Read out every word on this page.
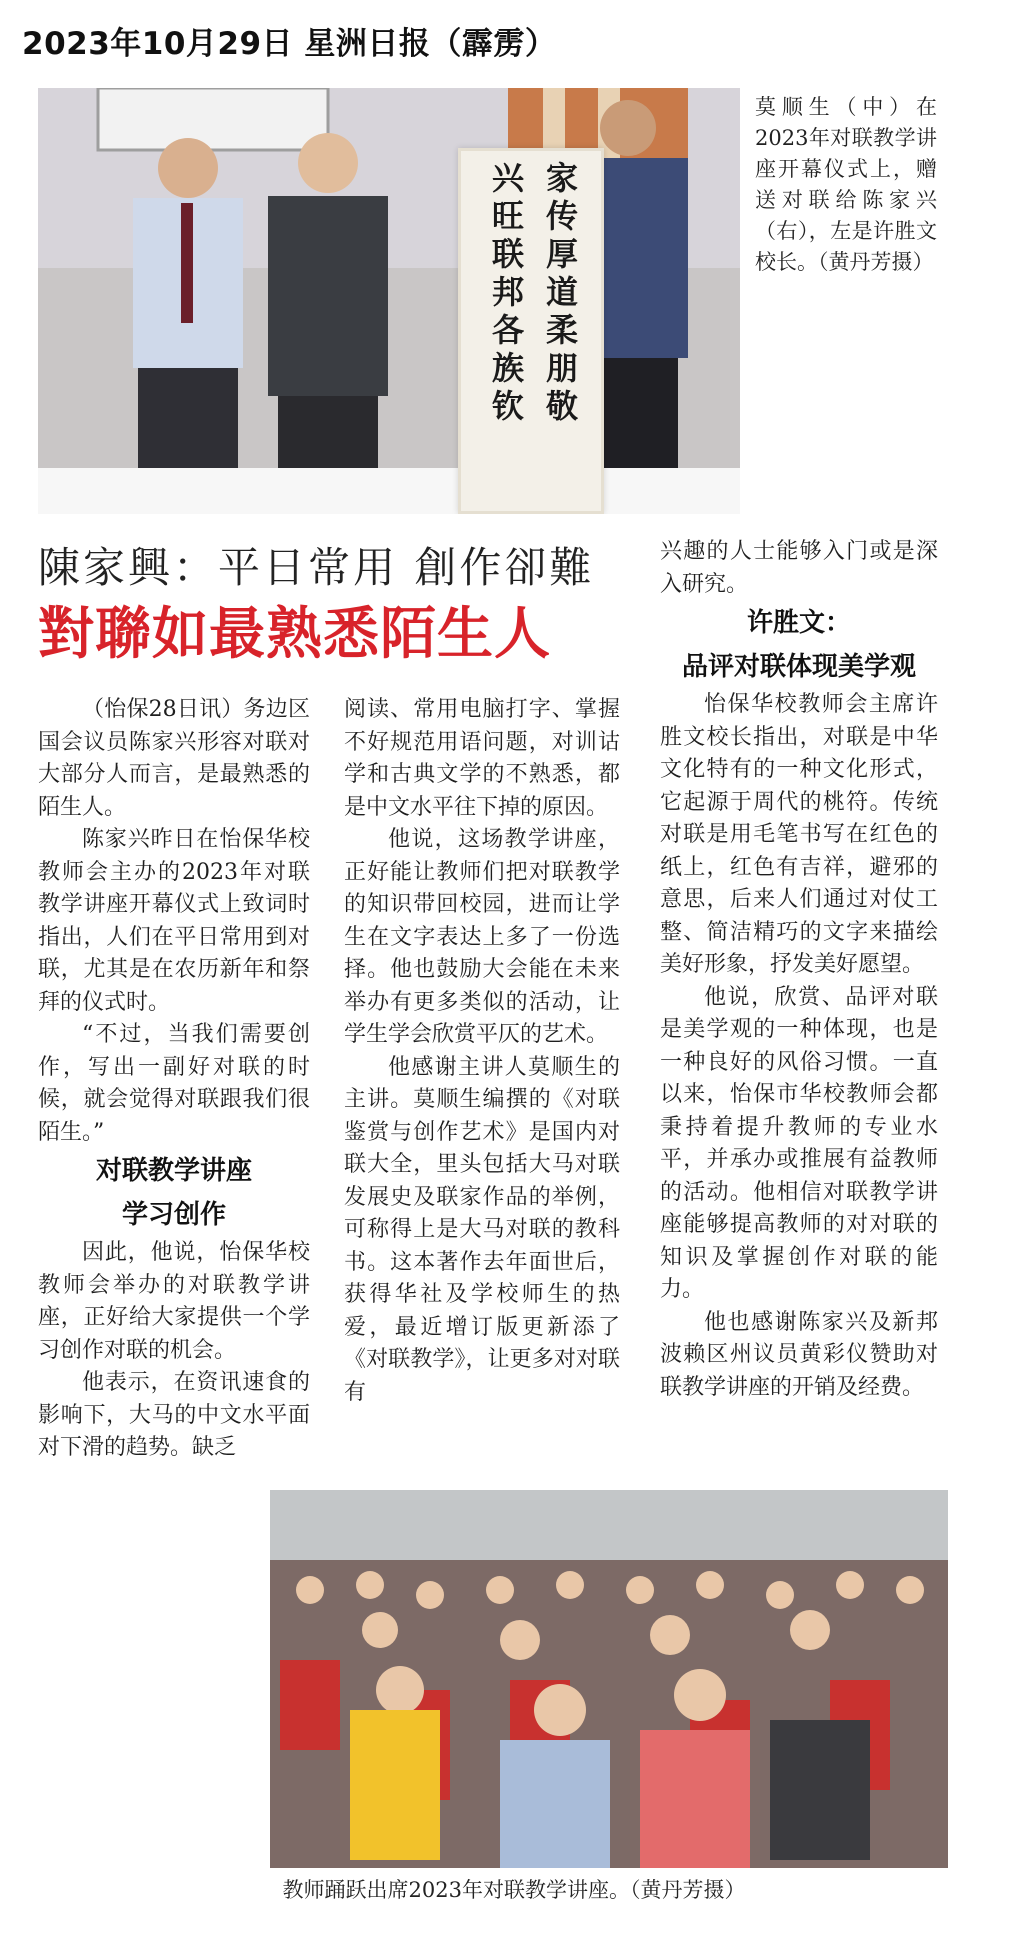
2023年10月29日 星洲日报（霹雳）
家传厚道柔朋敬
兴旺联邦各族钦
莫顺生（中）在2023年对联教学讲座开幕仪式上，赠送对联给陈家兴（右），左是许胜文校长。（黄丹芳摄）
陳家興：平日常用 創作卻難
對聯如最熟悉陌生人

（怡保28日讯）务边区国会议员陈家兴形容对联对大部分人而言，是最熟悉的陌生人。

陈家兴昨日在怡保华校教师会主办的2023年对联教学讲座开幕仪式上致词时指出，人们在平日常用到对联，尤其是在农历新年和祭拜的仪式时。

“不过，当我们需要创作，写出一副好对联的时候，就会觉得对联跟我们很陌生。”

对联教学讲座

学习创作

因此，他说，怡保华校教师会举办的对联教学讲座，正好给大家提供一个学习创作对联的机会。

他表示，在资讯速食的影响下，大马的中文水平面对下滑的趋势。缺乏

阅读、常用电脑打字、掌握不好规范用语问题，对训诂学和古典文学的不熟悉，都是中文水平往下掉的原因。

他说，这场教学讲座，正好能让教师们把对联教学的知识带回校园，进而让学生在文字表达上多了一份选择。他也鼓励大会能在未来举办有更多类似的活动，让学生学会欣赏平仄的艺术。

他感谢主讲人莫顺生的主讲。莫顺生编撰的《对联鉴赏与创作艺术》是国内对联大全，里头包括大马对联发展史及联家作品的举例，可称得上是大马对联的教科书。这本著作去年面世后，获得华社及学校师生的热爱，最近增订版更新添了《对联教学》，让更多对对联有

兴趣的人士能够入门或是深入研究。

许胜文：

品评对联体现美学观

怡保华校教师会主席许胜文校长指出，对联是中华文化特有的一种文化形式，它起源于周代的桃符。传统对联是用毛笔书写在红色的纸上，红色有吉祥，避邪的意思，后来人们通过对仗工整、简洁精巧的文字来描绘美好形象，抒发美好愿望。

他说，欣赏、品评对联是美学观的一种体现，也是一种良好的风俗习惯。一直以来，怡保市华校教师会都秉持着提升教师的专业水平，并承办或推展有益教师的活动。他相信对联教学讲座能够提高教师的对对联的知识及掌握创作对联的能力。

他也感谢陈家兴及新邦波赖区州议员黄彩仪赞助对联教学讲座的开销及经费。

教师踊跃出席2023年对联教学讲座。（黄丹芳摄）
